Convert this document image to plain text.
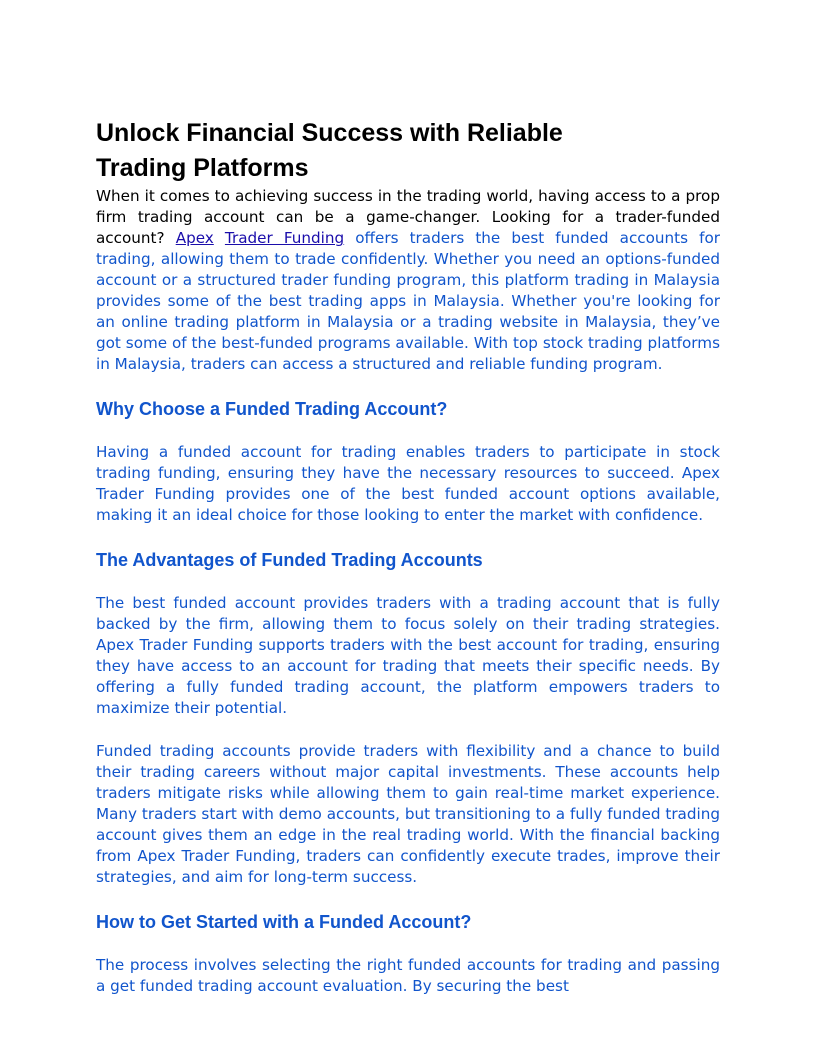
Unlock Financial Success with Reliable Trading Platforms

When it comes to achieving success in the trading world, having access to a prop firm trading account can be a game-changer. Looking for a trader-funded account? Apex Trader Funding offers traders the best funded accounts for trading, allowing them to trade confidently. Whether you need an options-funded account or a structured trader funding program, this platform trading in Malaysia provides some of the best trading apps in Malaysia. Whether you're looking for an online trading platform in Malaysia or a trading website in Malaysia, they’ve got some of the best-funded programs available. With top stock trading platforms in Malaysia, traders can access a structured and reliable funding program.

Why Choose a Funded Trading Account?

Having a funded account for trading enables traders to participate in stock trading funding, ensuring they have the necessary resources to succeed. Apex Trader Funding provides one of the best funded account options available, making it an ideal choice for those looking to enter the market with confidence.

The Advantages of Funded Trading Accounts

The best funded account provides traders with a trading account that is fully backed by the firm, allowing them to focus solely on their trading strategies. Apex Trader Funding supports traders with the best account for trading, ensuring they have access to an account for trading that meets their specific needs. By offering a fully funded trading account, the platform empowers traders to maximize their potential.

Funded trading accounts provide traders with flexibility and a chance to build their trading careers without major capital investments. These accounts help traders mitigate risks while allowing them to gain real-time market experience. Many traders start with demo accounts, but transitioning to a fully funded trading account gives them an edge in the real trading world. With the financial backing from Apex Trader Funding, traders can confidently execute trades, improve their strategies, and aim for long-term success.

How to Get Started with a Funded Account?

The process involves selecting the right funded accounts for trading and passing a get funded trading account evaluation. By securing the best
